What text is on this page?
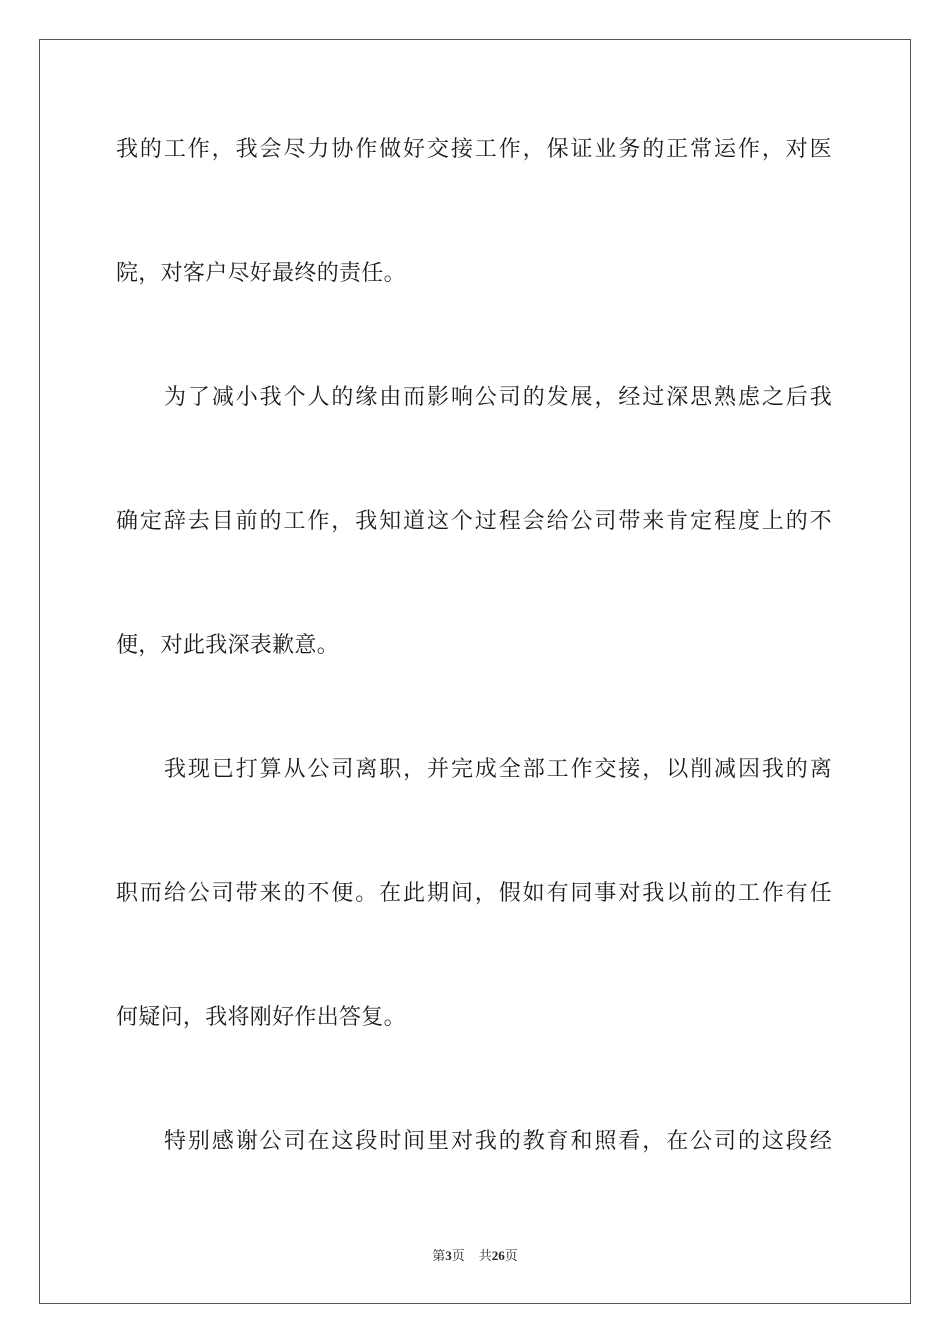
我的工作，我会尽力协作做好交接工作，保证业务的正常运作，对医
院，对客户尽好最终的责任。
为了减小我个人的缘由而影响公司的发展，经过深思熟虑之后我
确定辞去目前的工作，我知道这个过程会给公司带来肯定程度上的不
便，对此我深表歉意。
我现已打算从公司离职，并完成全部工作交接，以削减因我的离
职而给公司带来的不便。在此期间，假如有同事对我以前的工作有任
何疑问，我将刚好作出答复。
特别感谢公司在这段时间里对我的教育和照看，在公司的这段经
第3页 共26页
